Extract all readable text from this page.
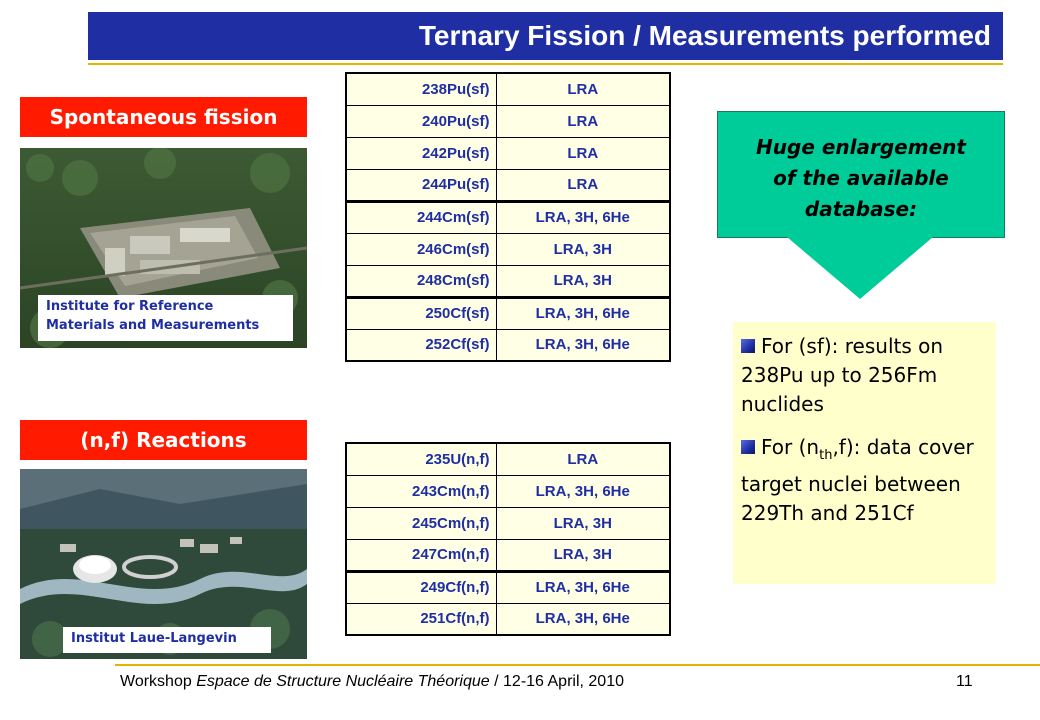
Ternary Fission / Measurements performed
Spontaneous fission
Institute for Reference Materials and Measurements
(n,f) Reactions
Institut Laue-Langevin
238Pu(sf)	LRA
240Pu(sf)	LRA
242Pu(sf)	LRA
244Pu(sf)	LRA
244Cm(sf)	LRA, 3H, 6He
246Cm(sf)	LRA, 3H
248Cm(sf)	LRA, 3H
250Cf(sf)	LRA, 3H, 6He
252Cf(sf)	LRA, 3H, 6He
235U(n,f)	LRA
243Cm(n,f)	LRA, 3H, 6He
245Cm(n,f)	LRA, 3H
247Cm(n,f)	LRA, 3H
249Cf(n,f)	LRA, 3H, 6He
251Cf(n,f)	LRA, 3H, 6He
Huge enlargement
of the available
database:
For (sf): results on 238Pu up to 256Fm nuclides
For $(n_{th},f)$: data cover target nuclei between 229Th and 251Cf
Workshop Espace de Structure Nucléaire Théorique / 12-16 April, 2010	11
